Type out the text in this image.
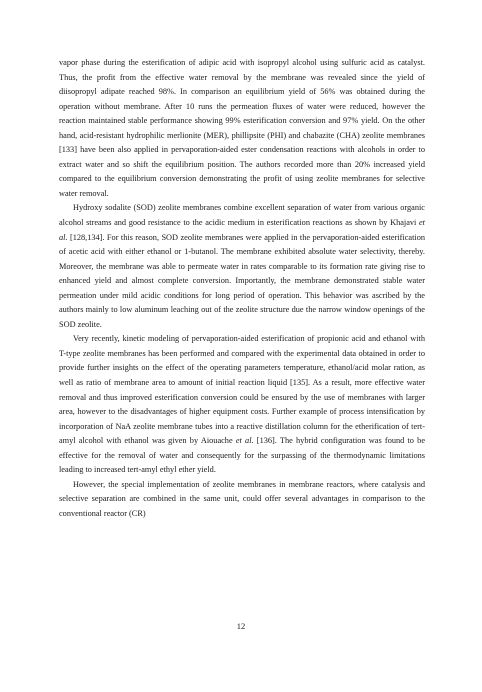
vapor phase during the esterification of adipic acid with isopropyl alcohol using sulfuric acid as catalyst. Thus, the profit from the effective water removal by the membrane was revealed since the yield of diisopropyl adipate reached 98%. In comparison an equilibrium yield of 56% was obtained during the operation without membrane. After 10 runs the permeation fluxes of water were reduced, however the reaction maintained stable performance showing 99% esterification conversion and 97% yield. On the other hand, acid-resistant hydrophilic merlionite (MER), phillipsite (PHI) and chabazite (CHA) zeolite membranes [133] have been also applied in pervaporation-aided ester condensation reactions with alcohols in order to extract water and so shift the equilibrium position. The authors recorded more than 20% increased yield compared to the equilibrium conversion demonstrating the profit of using zeolite membranes for selective water removal.

Hydroxy sodalite (SOD) zeolite membranes combine excellent separation of water from various organic alcohol streams and good resistance to the acidic medium in esterification reactions as shown by Khajavi et al. [128,134]. For this reason, SOD zeolite membranes were applied in the pervaporation-aided esterification of acetic acid with either ethanol or 1-butanol. The membrane exhibited absolute water selectivity, thereby. Moreover, the membrane was able to permeate water in rates comparable to its formation rate giving rise to enhanced yield and almost complete conversion. Importantly, the membrane demonstrated stable water permeation under mild acidic conditions for long period of operation. This behavior was ascribed by the authors mainly to low aluminum leaching out of the zeolite structure due the narrow window openings of the SOD zeolite.

Very recently, kinetic modeling of pervaporation-aided esterification of propionic acid and ethanol with T-type zeolite membranes has been performed and compared with the experimental data obtained in order to provide further insights on the effect of the operating parameters temperature, ethanol/acid molar ration, as well as ratio of membrane area to amount of initial reaction liquid [135]. As a result, more effective water removal and thus improved esterification conversion could be ensured by the use of membranes with larger area, however to the disadvantages of higher equipment costs. Further example of process intensification by incorporation of NaA zeolite membrane tubes into a reactive distillation column for the etherification of tert-amyl alcohol with ethanol was given by Aiouache et al. [136]. The hybrid configuration was found to be effective for the removal of water and consequently for the surpassing of the thermodynamic limitations leading to increased tert-amyl ethyl ether yield.

However, the special implementation of zeolite membranes in membrane reactors, where catalysis and selective separation are combined in the same unit, could offer several advantages in comparison to the conventional reactor (CR)

12
